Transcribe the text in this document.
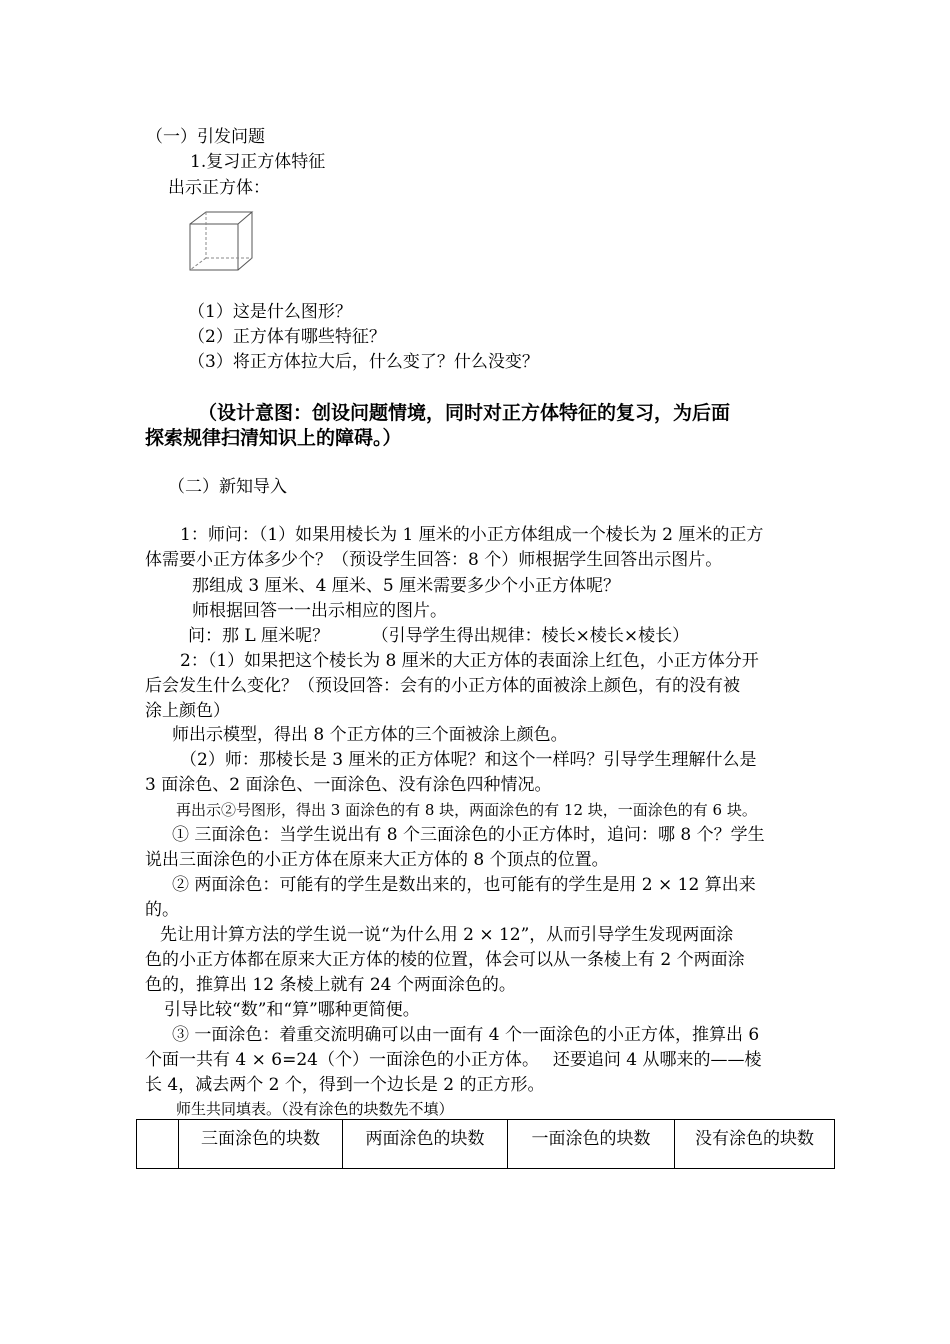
（一）引发问题
1.复习正方体特征
出示正方体：
（1）这是什么图形？
（2）正方体有哪些特征？
（3）将正方体拉大后，什么变了？什么没变？
（设计意图：创设问题情境，同时对正方体特征的复习，为后面
探索规律扫清知识上的障碍。）
（二）新知导入
1：师问：（1）如果用棱长为 1 厘米的小正方体组成一个棱长为 2 厘米的正方
体需要小正方体多少个？（预设学生回答：8 个）师根据学生回答出示图片。
那组成 3 厘米、4 厘米、5 厘米需要多少个小正方体呢？
师根据回答一一出示相应的图片。
问：那 L 厘米呢？　　　（引导学生得出规律：棱长×棱长×棱长）
2：（1）如果把这个棱长为 8 厘米的大正方体的表面涂上红色，小正方体分开
后会发生什么变化？（预设回答：会有的小正方体的面被涂上颜色，有的没有被
涂上颜色）
师出示模型，得出 8 个正方体的三个面被涂上颜色。
（2）师：那棱长是 3 厘米的正方体呢？和这个一样吗？引导学生理解什么是
3 面涂色、2 面涂色、一面涂色、没有涂色四种情况。
再出示②号图形，得出 3 面涂色的有 8 块，两面涂色的有 12 块，一面涂色的有 6 块。
① 三面涂色：当学生说出有 8 个三面涂色的小正方体时，追问：哪 8 个？学生
说出三面涂色的小正方体在原来大正方体的 8 个顶点的位置。
② 两面涂色：可能有的学生是数出来的，也可能有的学生是用 2 × 12 算出来
的。
先让用计算方法的学生说一说“为什么用 2 × 12”，从而引导学生发现两面涂
色的小正方体都在原来大正方体的棱的位置，体会可以从一条棱上有 2 个两面涂
色的，推算出 12 条棱上就有 24 个两面涂色的。
引导比较“数”和“算”哪种更简便。
③ 一面涂色：着重交流明确可以由一面有 4 个一面涂色的小正方体，推算出 6
个面一共有 4 × 6=24（个）一面涂色的小正方体。　 还要追问 4 从哪来的——棱
长 4，减去两个 2 个，得到一个边长是 2 的正方形。
师生共同填表。（没有涂色的块数先不填）
	三面涂色的块数	两面涂色的块数	一面涂色的块数	没有涂色的块数
